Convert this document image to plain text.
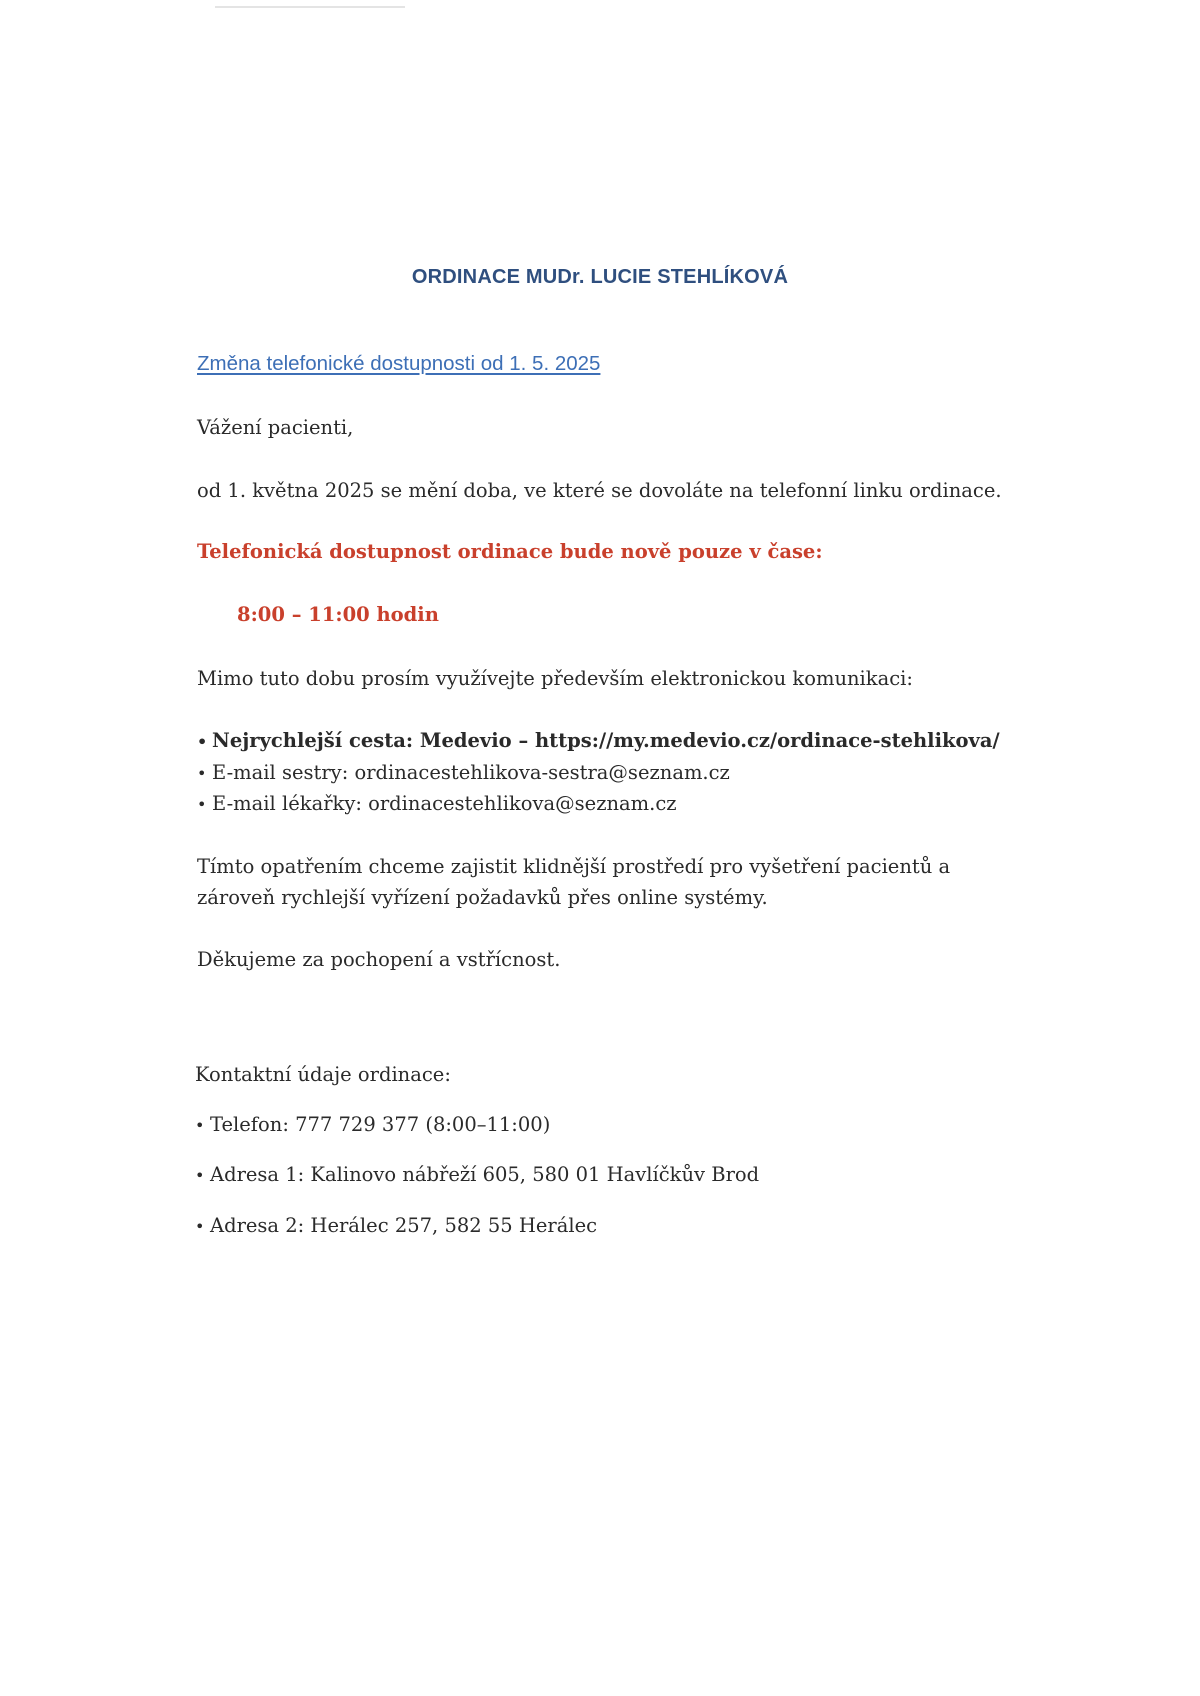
ORDINACE MUDr. LUCIE STEHLÍKOVÁ
Změna telefonické dostupnosti od 1. 5. 2025
Vážení pacienti,
od 1. května 2025 se mění doba, ve které se dovoláte na telefonní linku ordinace.
Telefonická dostupnost ordinace bude nově pouze v čase:
8:00 – 11:00 hodin
Mimo tuto dobu prosím využívejte především elektronickou komunikaci:
• Nejrychlejší cesta: Medevio – https://my.medevio.cz/ordinace-stehlikova/
• E-mail sestry: ordinacestehlikova-sestra@seznam.cz
• E-mail lékařky: ordinacestehlikova@seznam.cz
Tímto opatřením chceme zajistit klidnější prostředí pro vyšetření pacientů a
zároveň rychlejší vyřízení požadavků přes online systémy.
Děkujeme za pochopení a vstřícnost.
Kontaktní údaje ordinace:
• Telefon: 777 729 377 (8:00–11:00)
• Adresa 1: Kalinovo nábřeží 605, 580 01 Havlíčkův Brod
• Adresa 2: Herálec 257, 582 55 Herálec
